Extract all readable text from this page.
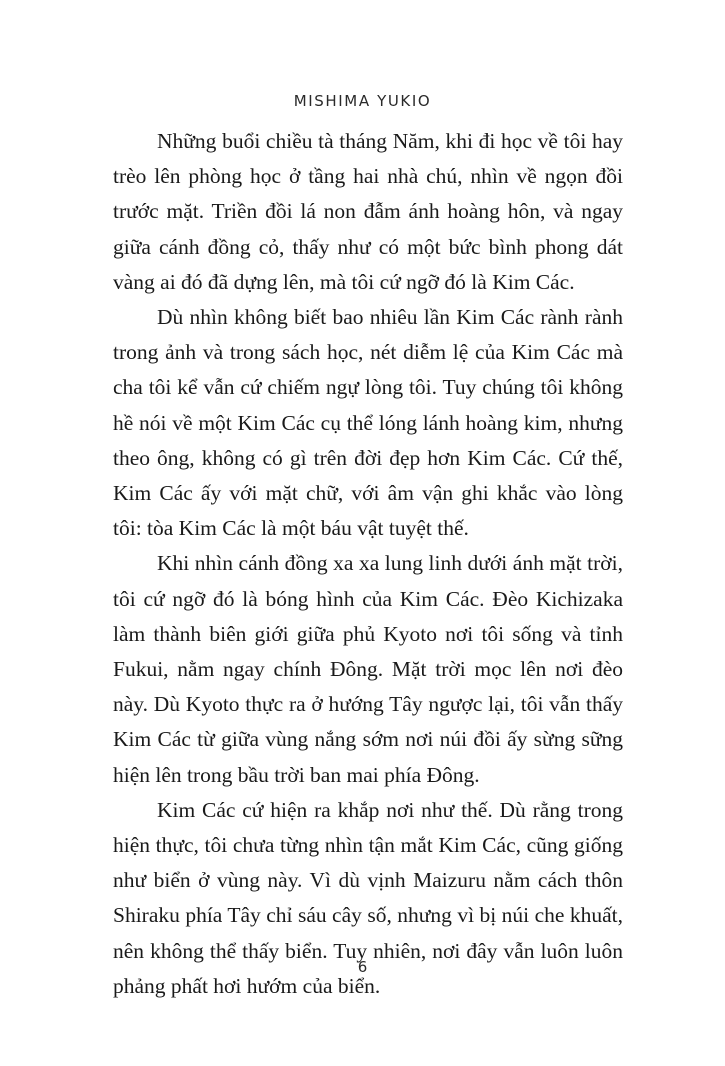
MISHIMA YUKIO

Những buổi chiều tà tháng Năm, khi đi học về tôi hay trèo lên phòng học ở tầng hai nhà chú, nhìn về ngọn đồi trước mặt. Triền đồi lá non đẫm ánh hoàng hôn, và ngay giữa cánh đồng cỏ, thấy như có một bức bình phong dát vàng ai đó đã dựng lên, mà tôi cứ ngỡ đó là Kim Các.

Dù nhìn không biết bao nhiêu lần Kim Các rành rành trong ảnh và trong sách học, nét diễm lệ của Kim Các mà cha tôi kể vẫn cứ chiếm ngự lòng tôi. Tuy chúng tôi không hề nói về một Kim Các cụ thể lóng lánh hoàng kim, nhưng theo ông, không có gì trên đời đẹp hơn Kim Các. Cứ thế, Kim Các ấy với mặt chữ, với âm vận ghi khắc vào lòng tôi: tòa Kim Các là một báu vật tuyệt thế.

Khi nhìn cánh đồng xa xa lung linh dưới ánh mặt trời, tôi cứ ngỡ đó là bóng hình của Kim Các. Đèo Kichizaka làm thành biên giới giữa phủ Kyoto nơi tôi sống và tỉnh Fukui, nằm ngay chính Đông. Mặt trời mọc lên nơi đèo này. Dù Kyoto thực ra ở hướng Tây ngược lại, tôi vẫn thấy Kim Các từ giữa vùng nắng sớm nơi núi đồi ấy sừng sững hiện lên trong bầu trời ban mai phía Đông.

Kim Các cứ hiện ra khắp nơi như thế. Dù rằng trong hiện thực, tôi chưa từng nhìn tận mắt Kim Các, cũng giống như biển ở vùng này. Vì dù vịnh Maizuru nằm cách thôn Shiraku phía Tây chỉ sáu cây số, nhưng vì bị núi che khuất, nên không thể thấy biển. Tuy nhiên, nơi đây vẫn luôn luôn phảng phất hơi hướm của biển.

6
